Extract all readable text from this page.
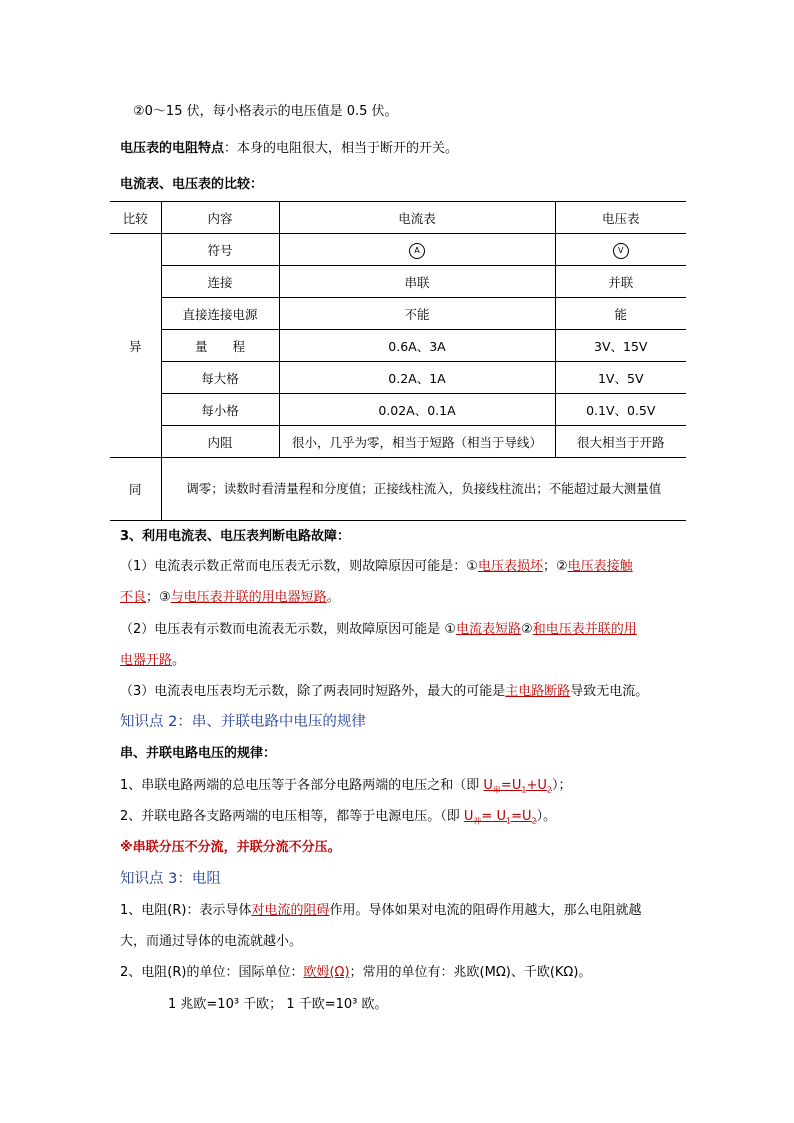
②0～15 伏，每小格表示的电压值是 0.5 伏。
电压表的电阻特点：本身的电阻很大，相当于断开的开关。
电流表、电压表的比较：
比较	内容	电流表	电压表
异	符号	A	V
	连接	串联	并联
	直接连接电源	不能	能
	量　　程	0.6A、3A	3V、15V
	每大格	0.2A、1A	1V、5V
	每小格	0.02A、0.1A	0.1V、0.5V
	内阻	很小，几乎为零，相当于短路（相当于导线）	很大相当于开路
同	调零；读数时看清量程和分度值；正接线柱流入，负接线柱流出；不能超过最大测量值		
3、利用电流表、电压表判断电路故障：
（1）电流表示数正常而电压表无示数，则故障原因可能是：①电压表损坏；②电压表接触
不良；③与电压表并联的用电器短路。
（2）电压表有示数而电流表无示数，则故障原因可能是 ①电流表短路②和电压表并联的用
电器开路。
（3）电流表电压表均无示数，除了两表同时短路外，最大的可能是主电路断路导致无电流。
知识点 2：串、并联电路中电压的规律
串、并联电路电压的规律：
1、串联电路两端的总电压等于各部分电路两端的电压之和（即 $U_串=U_1+U_2$）；
2、并联电路各支路两端的电压相等，都等于电源电压。（即 $U_并= U_1=U_2$）。
※串联分压不分流，并联分流不分压。
知识点 3：电阻
1、电阻(R)：表示导体对电流的阻碍作用。导体如果对电流的阻碍作用越大，那么电阻就越
大，而通过导体的电流就越小。
2、电阻(R)的单位：国际单位：欧姆(Ω)；常用的单位有：兆欧(MΩ)、千欧(KΩ)。
1 兆欧=10³ 千欧； 1 千欧=10³ 欧。
